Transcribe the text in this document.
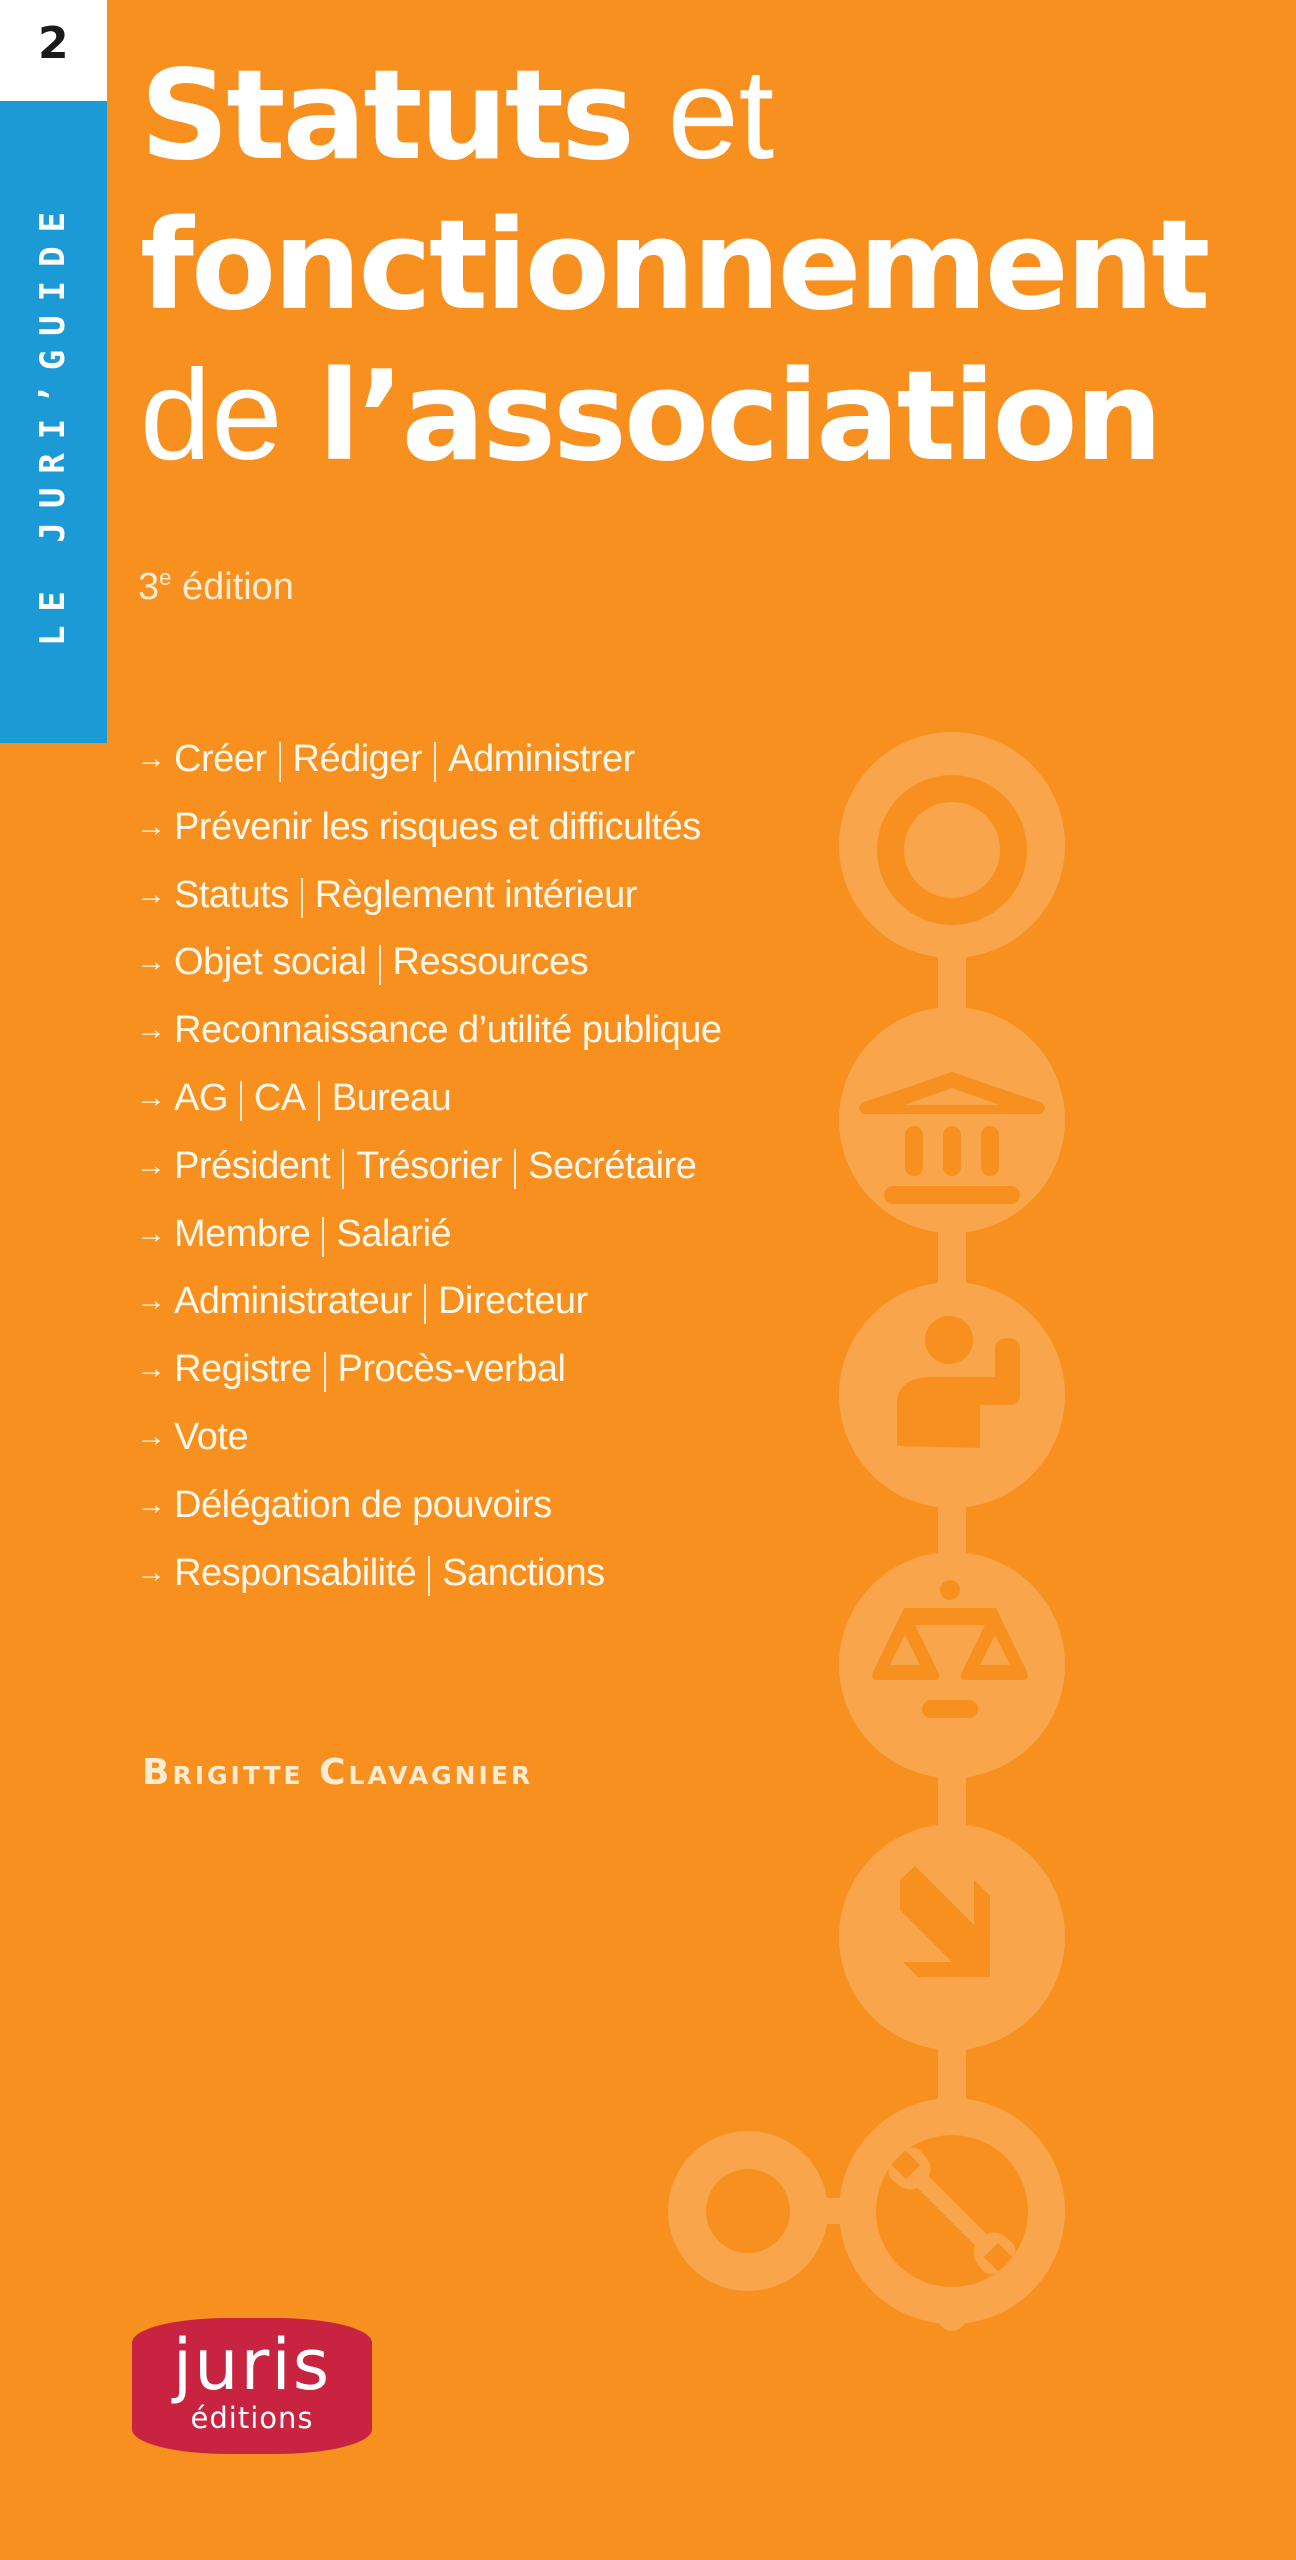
2
LE JURI’GUIDE
Statuts et
fonctionnement
de l’association
3e édition
→ Créer Rédiger Administrer
→ Prévenir les risques et difficultés
→ Statuts Règlement intérieur
→ Objet social Ressources
→ Reconnaissance d’utilité publique
→ AG CA Bureau
→ Président Trésorier Secrétaire
→ Membre Salarié
→ Administrateur Directeur
→ Registre Procès-verbal
→ Vote
→ Délégation de pouvoirs
→ Responsabilité Sanctions
Brigitte Clavagnier
juris
éditions
